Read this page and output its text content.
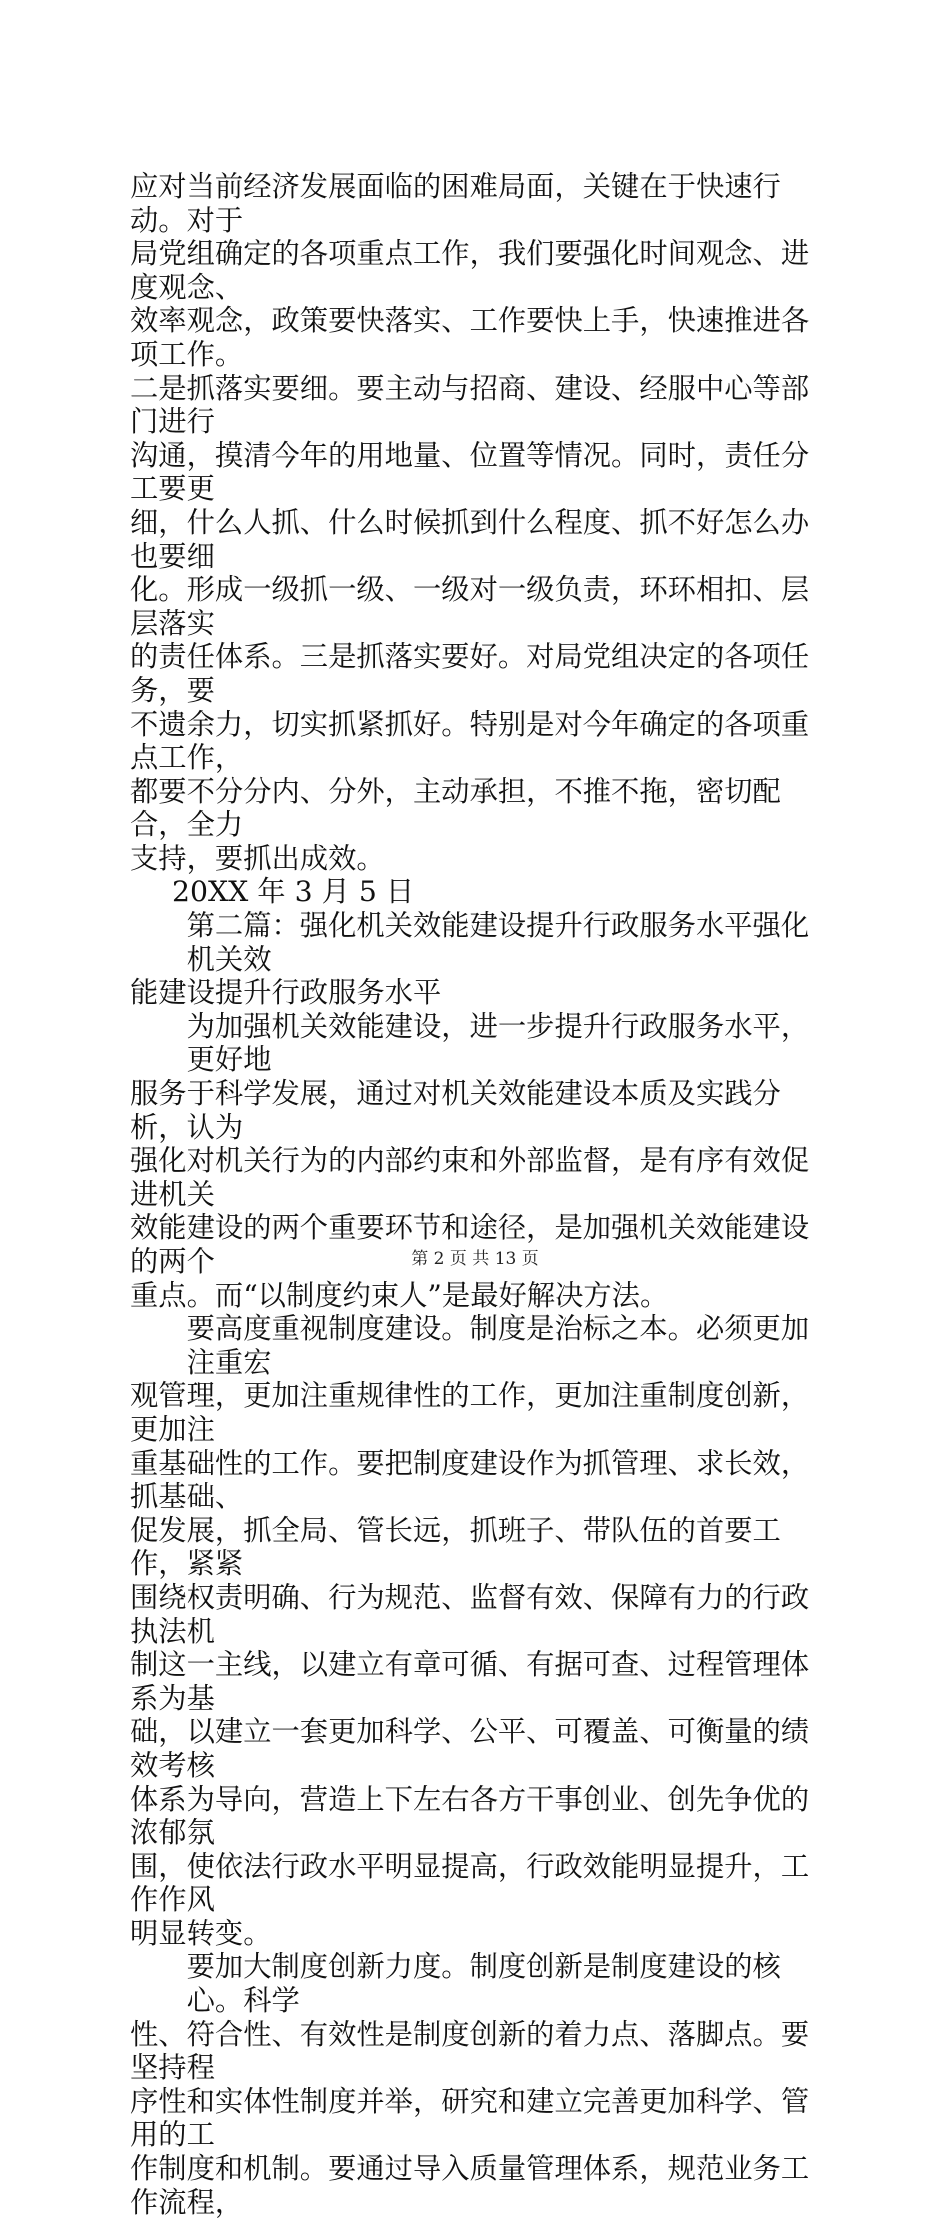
应对当前经济发展面临的困难局面，关键在于快速行动。对于
局党组确定的各项重点工作，我们要强化时间观念、进度观念、
效率观念，政策要快落实、工作要快上手，快速推进各项工作。
二是抓落实要细。要主动与招商、建设、经服中心等部门进行
沟通，摸清今年的用地量、位置等情况。同时，责任分工要更
细，什么人抓、什么时候抓到什么程度、抓不好怎么办也要细
化。形成一级抓一级、一级对一级负责，环环相扣、层层落实
的责任体系。三是抓落实要好。对局党组决定的各项任务，要
不遗余力，切实抓紧抓好。特别是对今年确定的各项重点工作，
都要不分分内、分外，主动承担，不推不拖，密切配合，全力
支持，要抓出成效。
20XX 年 3 月 5 日
第二篇：强化机关效能建设提升行政服务水平强化机关效
能建设提升行政服务水平
为加强机关效能建设，进一步提升行政服务水平，更好地
服务于科学发展，通过对机关效能建设本质及实践分析，认为
强化对机关行为的内部约束和外部监督，是有序有效促进机关
效能建设的两个重要环节和途径，是加强机关效能建设的两个
重点。而“以制度约束人”是最好解决方法。
要高度重视制度建设。制度是治标之本。必须更加注重宏
观管理，更加注重规律性的工作，更加注重制度创新，更加注
重基础性的工作。要把制度建设作为抓管理、求长效，抓基础、
促发展，抓全局、管长远，抓班子、带队伍的首要工作，紧紧
围绕权责明确、行为规范、监督有效、保障有力的行政执法机
制这一主线，以建立有章可循、有据可查、过程管理体系为基
础，以建立一套更加科学、公平、可覆盖、可衡量的绩效考核
体系为导向，营造上下左右各方干事创业、创先争优的浓郁氛
围，使依法行政水平明显提高，行政效能明显提升，工作作风
明显转变。
要加大制度创新力度。制度创新是制度建设的核心。科学
性、符合性、有效性是制度创新的着力点、落脚点。要坚持程
序性和实体性制度并举，研究和建立完善更加科学、管用的工
作制度和机制。要通过导入质量管理体系，规范业务工作流程，
第 2 页 共 13 页
